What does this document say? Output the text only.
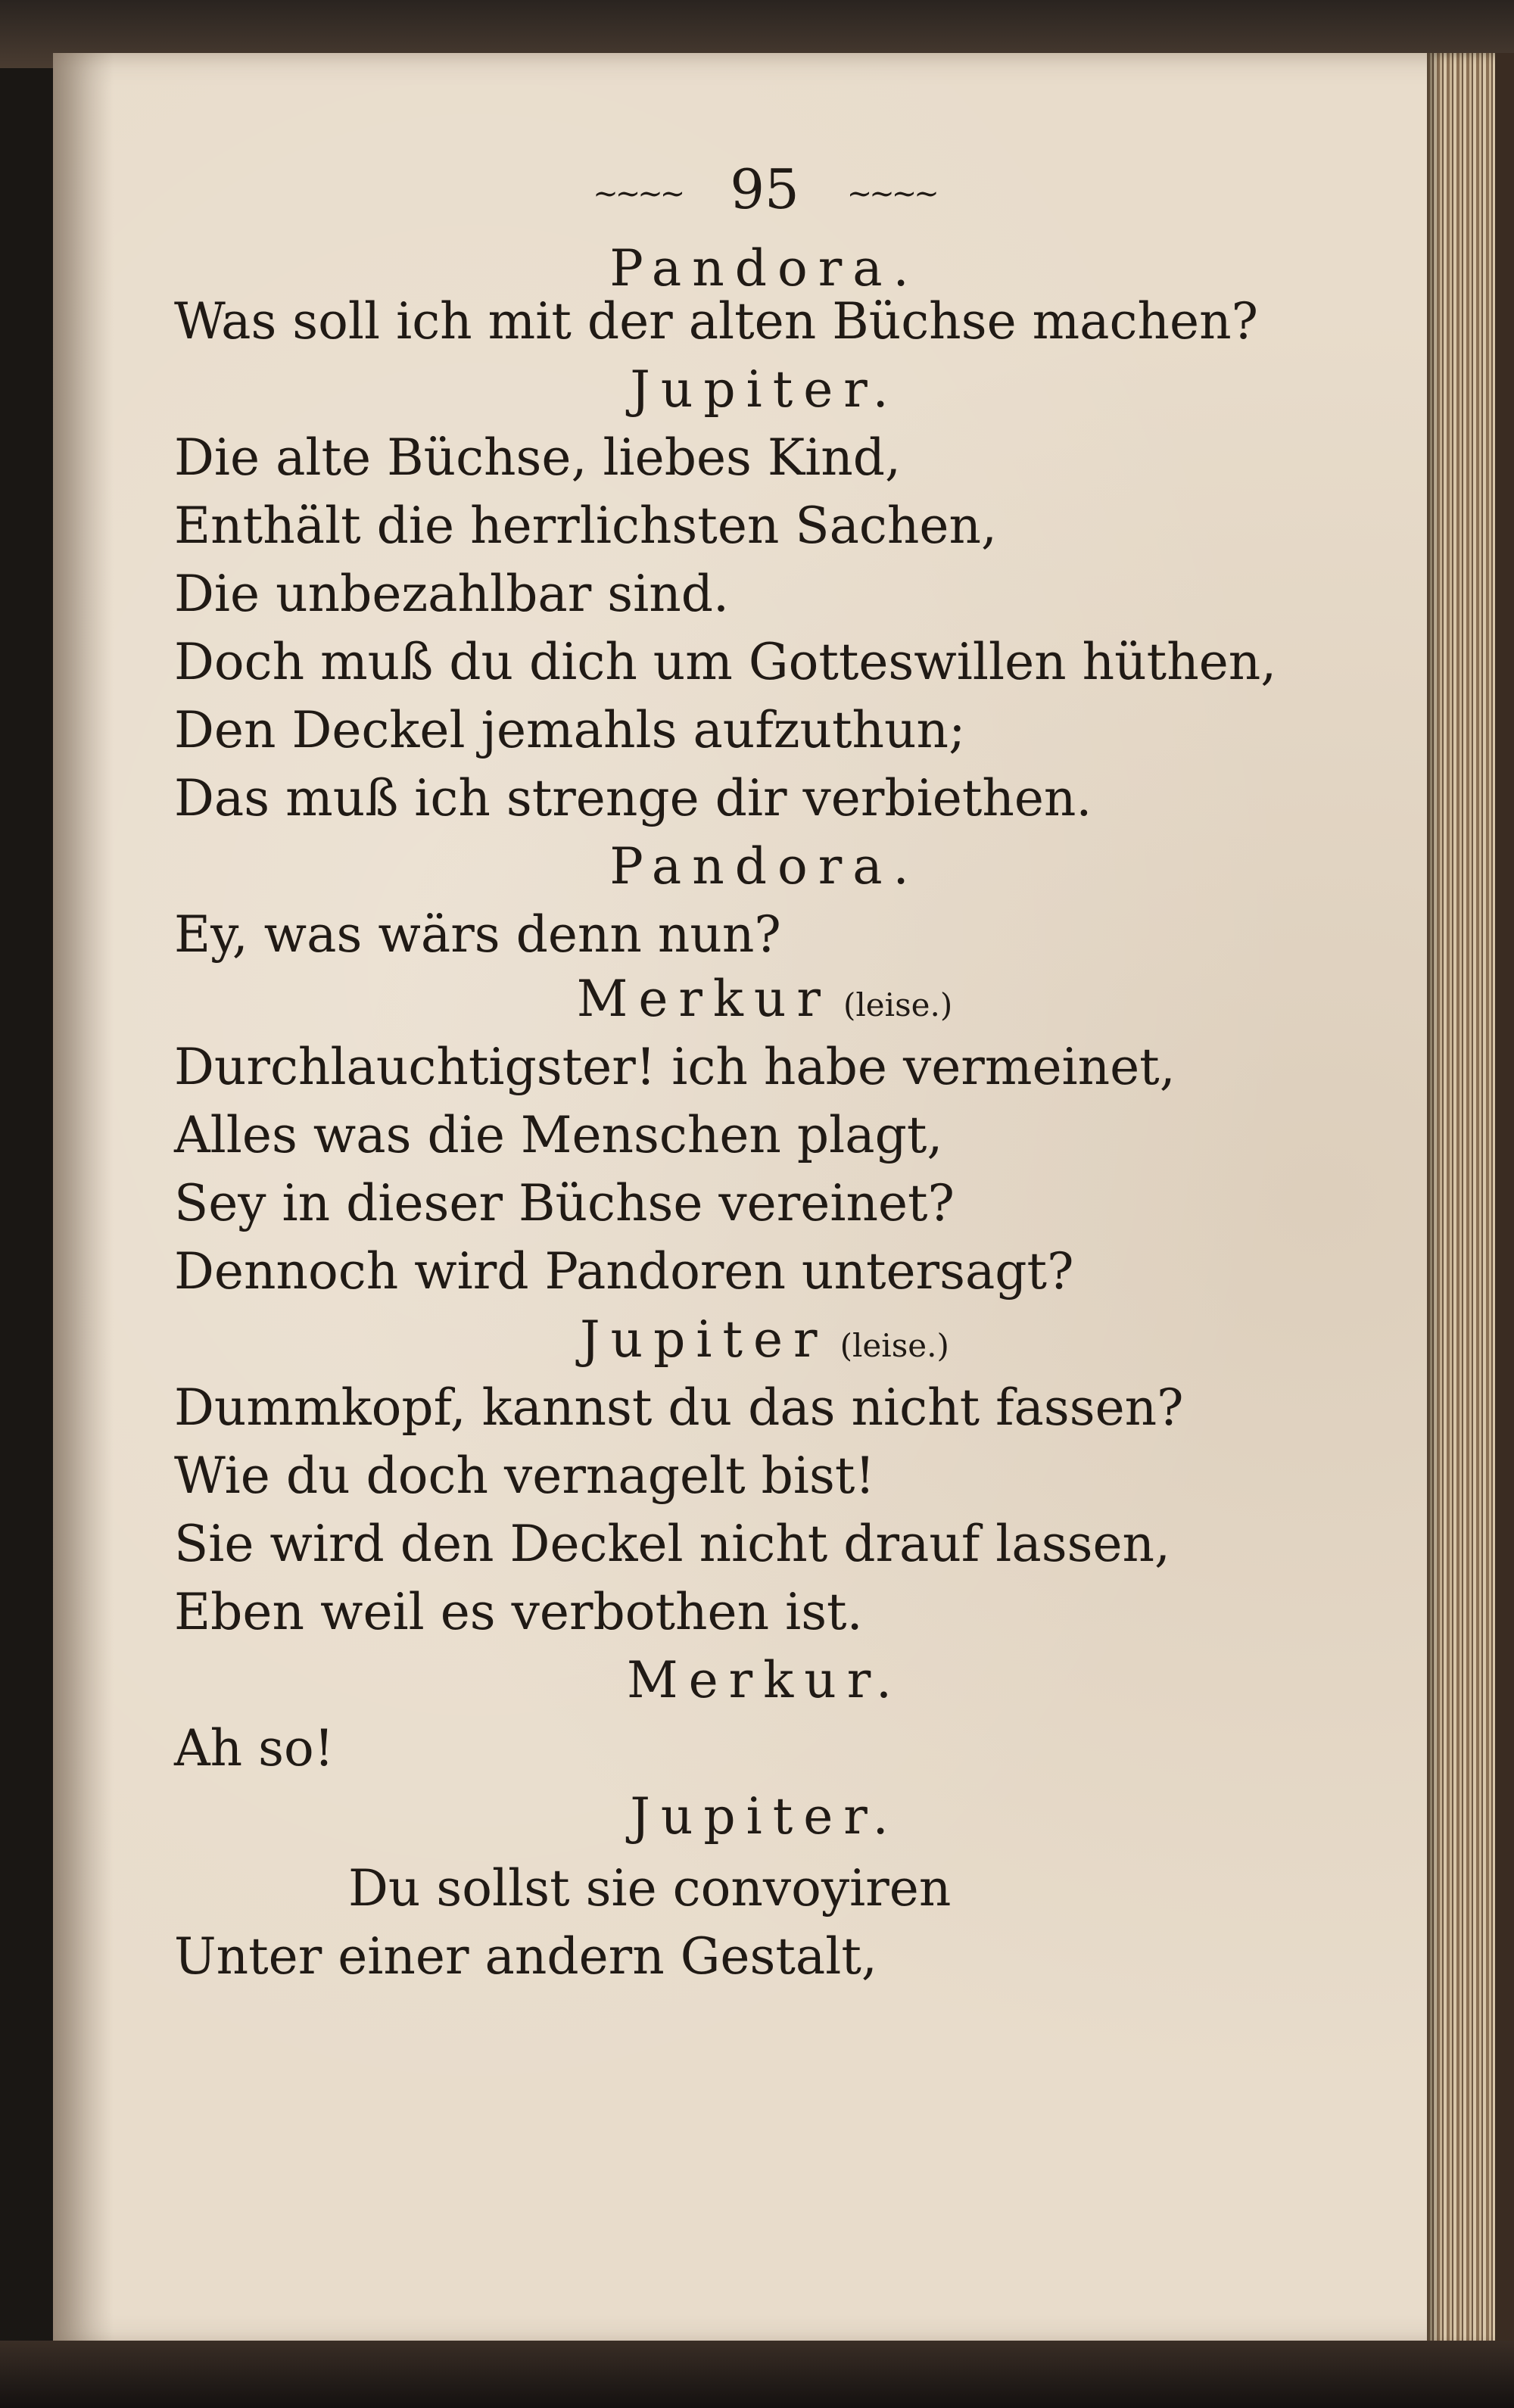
~~~~ 95 ~~~~
Pandora.
Was soll ich mit der alten Büchse machen?
Jupiter.
Die alte Büchse, liebes Kind,
Enthält die herrlichsten Sachen,
Die unbezahlbar sind.
Doch muß du dich um Gotteswillen hüthen,
Den Deckel jemahls aufzuthun;
Das muß ich strenge dir verbiethen.
Pandora.
Ey, was wärs denn nun?
Merkur (leise.)
Durchlauchtigster! ich habe vermeinet,
Alles was die Menschen plagt,
Sey in dieser Büchse vereinet?
Dennoch wird Pandoren untersagt?
Jupiter (leise.)
Dummkopf, kannst du das nicht fassen?
Wie du doch vernagelt bist!
Sie wird den Deckel nicht drauf lassen,
Eben weil es verbothen ist.
Merkur.
Ah so!
Jupiter.
Du sollst sie convoyiren
Unter einer andern Gestalt,
